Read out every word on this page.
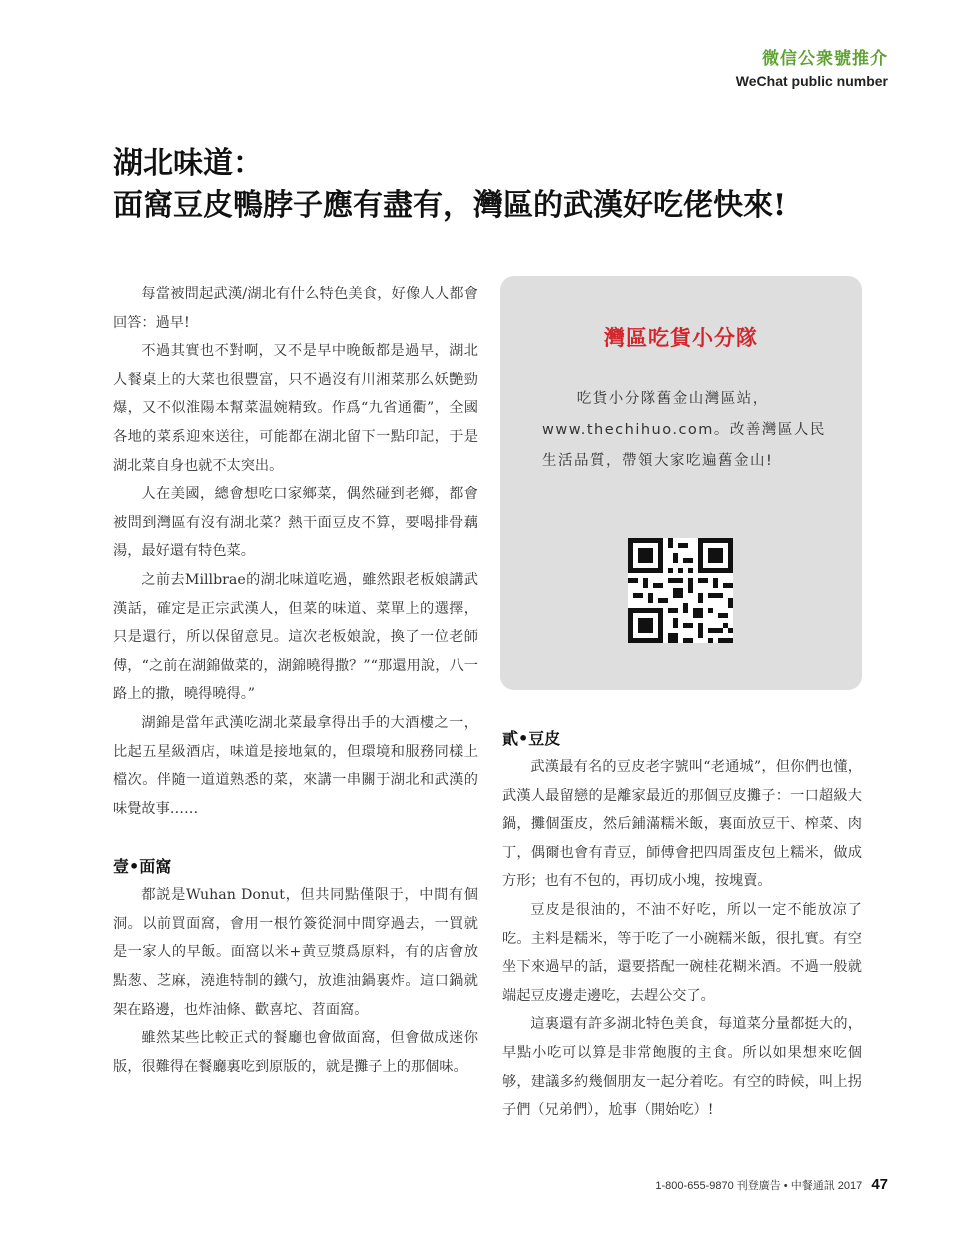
微信公衆號推介
WeChat public number
湖北味道：
面窩豆皮鴨脖子應有盡有，灣區的武漢好吃佬快來!

每當被問起武漢/湖北有什么特色美食，好像人人都會回答：過早!

不過其實也不對啊，又不是早中晚飯都是過早，湖北人餐桌上的大菜也很豐富，只不過沒有川湘菜那么妖艷勁爆，又不似淮陽本幫菜温婉精致。作爲“九省通衢”，全國各地的菜系迎來送往，可能都在湖北留下一點印記，于是湖北菜自身也就不太突出。

人在美國，總會想吃口家鄉菜，偶然碰到老鄉，都會被問到灣區有沒有湖北菜？熱干面豆皮不算，要喝排骨藕湯，最好還有特色菜。

之前去Millbrae的湖北味道吃過，雖然跟老板娘講武漢話，確定是正宗武漢人，但菜的味道、菜單上的選擇，只是還行，所以保留意見。這次老板娘說，換了一位老師傅，“之前在湖錦做菜的，湖錦曉得撒？”“那還用說，八一路上的撒，曉得曉得。”

湖錦是當年武漢吃湖北菜最拿得出手的大酒樓之一，比起五星級酒店，味道是接地氣的，但環境和服務同樣上檔次。伴隨一道道熟悉的菜，來講一串關于湖北和武漢的味覺故事……

壹•面窩

都説是Wuhan Donut，但共同點僅限于，中間有個洞。以前買面窩，會用一根竹簽從洞中間穿過去，一買就是一家人的早飯。面窩以米+黄豆漿爲原料，有的店會放點葱、芝麻，澆進特制的鐵勺，放進油鍋裏炸。這口鍋就架在路邊，也炸油條、歡喜坨、苕面窩。

雖然某些比較正式的餐廳也會做面窩，但會做成迷你版，很難得在餐廳裏吃到原版的，就是攤子上的那個味。

灣區吃貨小分隊
吃貨小分隊舊金山灣區站，www.thechihuo.com。改善灣區人民生活品質，帶領大家吃遍舊金山!
貳•豆皮

武漢最有名的豆皮老字號叫“老通城”，但你們也懂，武漢人最留戀的是離家最近的那個豆皮攤子：一口超級大鍋，攤個蛋皮，然后鋪滿糯米飯，裏面放豆干、榨菜、肉丁，偶爾也會有青豆，師傅會把四周蛋皮包上糯米，做成方形；也有不包的，再切成小塊，按塊賣。

豆皮是很油的，不油不好吃，所以一定不能放凉了吃。主料是糯米，等于吃了一小碗糯米飯，很扎實。有空坐下來過早的話，還要搭配一碗桂花糊米酒。不過一般就端起豆皮邊走邊吃，去趕公交了。

這裏還有許多湖北特色美食，每道菜分量都挺大的，早點小吃可以算是非常飽腹的主食。所以如果想來吃個够，建議多約幾個朋友一起分着吃。有空的時候，叫上拐子們（兄弟們），尬事（開始吃）!

1-800-655-9870 刊登廣告 • 中餐通訊 2017 47
